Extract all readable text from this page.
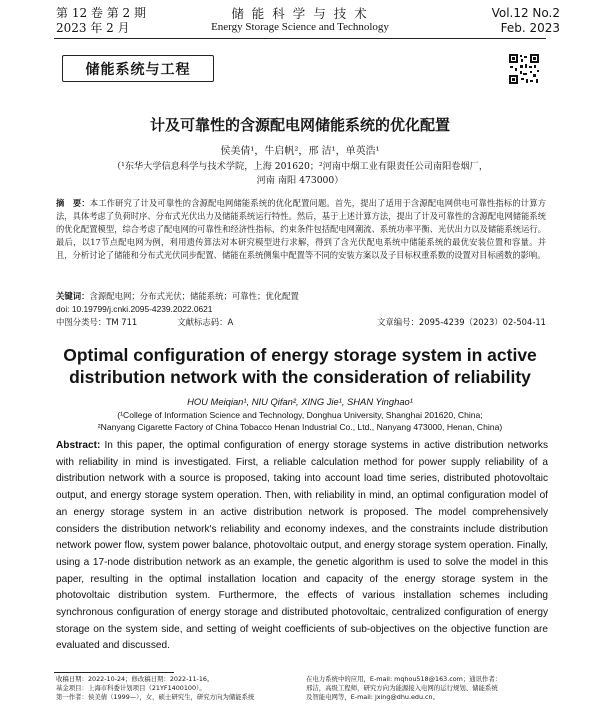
第 12 卷 第 2 期
2023 年 2 月
储 能 科 学 与 技 术
Energy Storage Science and Technology
Vol.12 No.2
Feb. 2023
储能系统与工程
计及可靠性的含源配电网储能系统的优化配置
侯美倩¹，牛启帆²，邢 洁¹，单英浩¹
（¹东华大学信息科学与技术学院，上海 201620；²河南中烟工业有限责任公司南阳卷烟厂，
河南 南阳 473000）
摘　要：本工作研究了计及可靠性的含源配电网储能系统的优化配置问题。首先，提出了适用于含源配电网供电可靠性指标的计算方法，具体考虑了负荷时序、分布式光伏出力及储能系统运行特性。然后，基于上述计算方法，提出了计及可靠性的含源配电网储能系统的优化配置模型，综合考虑了配电网的可靠性和经济性指标，约束条件包括配电网潮流、系统功率平衡、光伏出力以及储能系统运行。最后，以17节点配电网为例，利用遗传算法对本研究模型进行求解，得到了含光伏配电系统中储能系统的最优安装位置和容量。并且，分析讨论了储能和分布式光伏同步配置、储能在系统侧集中配置等不同的安装方案以及子目标权重系数的设置对目标函数的影响。
关键词：含源配电网；分布式光伏；储能系统；可靠性；优化配置
doi: 10.19799/j.cnki.2095-4239.2022.0621
中图分类号：TM 711	文献标志码：A	文章编号：2095-4239（2023）02-504-11
Optimal configuration of energy storage system in active
distribution network with the consideration of reliability
HOU Meiqian¹, NIU Qifan², XING Jie¹, SHAN Yinghao¹
(¹College of Information Science and Technology, Donghua University, Shanghai 201620, China;
²Nanyang Cigarette Factory of China Tobacco Henan Industrial Co., Ltd., Nanyang 473000, Henan, China)
Abstract: In this paper, the optimal configuration of energy storage systems in active distribution networks with reliability in mind is investigated. First, a reliable calculation method for power supply reliability of a distribution network with a source is proposed, taking into account load time series, distributed photovoltaic output, and energy storage system operation. Then, with reliability in mind, an optimal configuration model of an energy storage system in an active distribution network is proposed. The model comprehensively considers the distribution network's reliability and economy indexes, and the constraints include distribution network power flow, system power balance, photovoltaic output, and energy storage system operation. Finally, using a 17-node distribution network as an example, the genetic algorithm is used to solve the model in this paper, resulting in the optimal installation location and capacity of the energy storage system in the photovoltaic distribution system. Furthermore, the effects of various installation schemes including synchronous configuration of energy storage and distributed photovoltaic, centralized configuration of energy storage on the system side, and setting of weight coefficients of sub-objectives on the objective function are evaluated and discussed.
收稿日期：2022-10-24；修改稿日期：2022-11-16。
基金项目：上海市科委计划项目（21YF1400100）。
第一作者：侯美倩（1999—），女，硕士研究生，研究方向为储能系统
在电力系统中的应用，E-mail: mqhou518@163.com；通讯作者：
邢洁，高级工程师，研究方向为能源接入电网的运行规划、储能系统
及智能电网等，E-mail: jxing@dhu.edu.cn。
